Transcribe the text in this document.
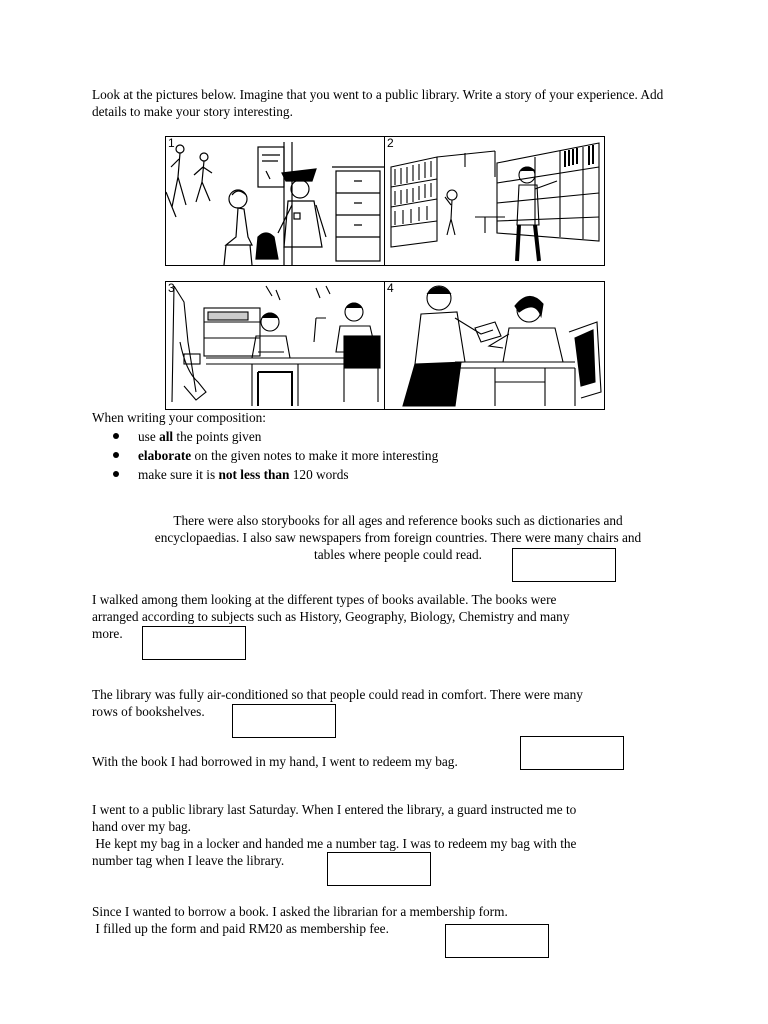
Look at the pictures below. Imagine that you went to a public library. Write a story of your experience. Add details to make your story interesting.
1	2
3	4
When writing your composition:
use all the points given
elaborate on the given notes to make it more interesting
make sure it is not less than 120 words
There were also storybooks for all ages and reference books such as dictionaries and
encyclopaedias. I also saw newspapers from foreign countries. There were many chairs and
tables where people could read.
I walked among them looking at the different types of books available. The books were
arranged according to subjects such as History, Geography, Biology, Chemistry and many
more.
The library was fully air-conditioned so that people could read in comfort. There were many
rows of bookshelves.
With the book I had borrowed in my hand, I went to redeem my bag.
I went to a public library last Saturday. When I entered the library, a guard instructed me to
hand over my bag.
He kept my bag in a locker and handed me a number tag. I was to redeem my bag with the
number tag when I leave the library.
Since I wanted to borrow a book. I asked the librarian for a membership form.
I filled up the form and paid RM20 as membership fee.
